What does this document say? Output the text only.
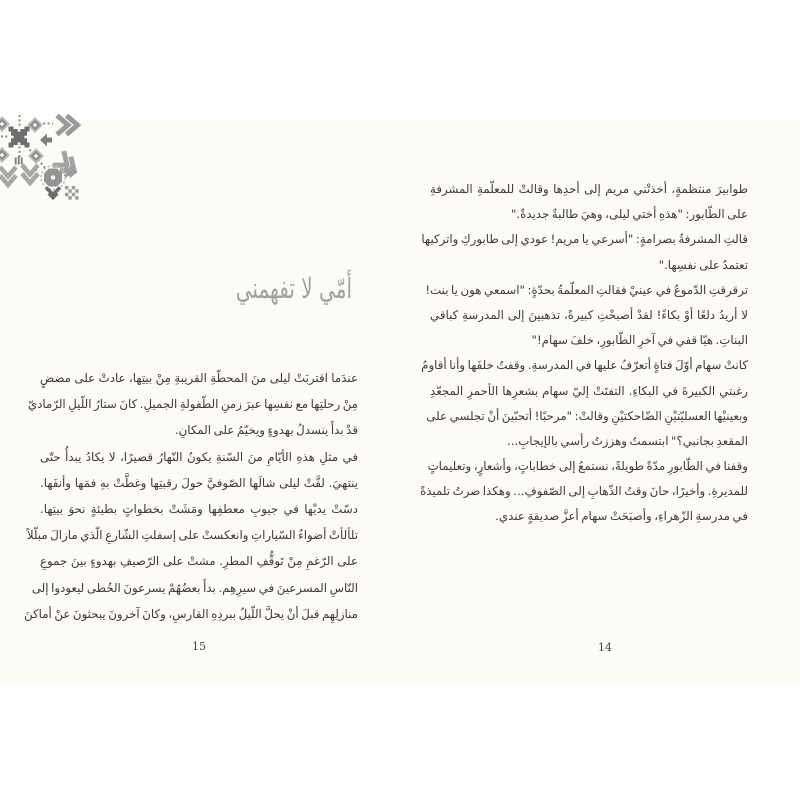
أمّي لا تفهمني
عندَما اقتربَتْ ليلى منَ المحطّةِ القريبةِ مِنْ بيتِها، عادتْ على مضضٍ
مِنْ رحلتِها مع نفسِها عبرَ زمنِ الطّفولةِ الجميلِ. كانَ ستارُ اللّيلِ الرّماديّ
قدْ بدأَ ينسدلُ بهدوءٍ ويخيّمُ على المكانِ.
في مثلِ هذهِ الأيّامِ منَ السّنةِ يكونُ النّهارُ قصيرًا، لا يكادُ يبدأُ حتّى
ينتهيَ. لفَّتْ ليلى شالَها الصّوفيَّ حولَ رقبتِها وغطَّتْ بهِ فمَها وأنفَها.
دسّتْ يديْها في جيوبِ معطفِها ومَشَتْ بخطواتٍ بطيئةٍ نحوَ بيتِها.
تلألأتْ أضواءُ السّياراتِ وانعكستْ على إسفلتِ الشّارعِ الّذي مازالَ مبلّلاً
على الرّغمِ مِنْ تَوقُّفِ المطرِ. مشتْ على الرّصيفِ بهدوءٍ بينَ جموعِ
النّاسِ المسرعينَ في سيرِهِم. بدأَ بعضُهُمْ يسرعونَ الخُطى ليعودوا إلى
منازلِهِم قبلَ أنْ يحلَّ اللّيلُ ببردِهِ القارسِ، وكانَ آخرونَ يبحثونَ عنْ أماكنَ
15
طوابيرَ منتظمةٍ، أخذتْني مريم إلى أحدِها وقالتْ للمعلّمةِ المشرفةِ
على الطّابور: "هذهِ أختي ليلى، وهيَ طالبةٌ جديدةٌ."
قالتِ المشرفةُ بصرامةٍ: "أسرعي يا مريم! عودي إلى طابوركِ واتركيها
تعتمدُ على نفسِها."
ترقرقتِ الدّموعُ في عينيْ فقالتِ المعلّمةُ بحدّةٍ: "اسمعي هون يا بنت!
لا أريدُ دلعًا أوْ بكاءً! لقدْ أصبحْتِ كبيرةً، تذهبينَ إلى المدرسةِ كباقي
البناتِ. هيّا قفي في آخرِ الطّابورِ، خلفَ سهام!"
كانتْ سهام أوّلَ فتاةٍ أتعرّفُ عليها في المدرسةِ. وقفتُ خلفَها وأنا أقاومُ
رغبتي الكبيرةَ في البكاءِ. التفتَتْ إليّ سهام بشعرِها الأحمرِ المجعّدِ
وبعينيْها العسليّتيْنِ الضّاحكتيْنِ وقالتْ: "مرحبًا! أتحبّينَ أنْ تجلسي على
المقعدِ بجانبي؟" ابتسمتُ وهززتُ رأسي بالإيجابِ...
وقفنا في الطّابورِ مدّةً طويلةً، نستمعُ إلى خطاباتٍ، وأشعارٍ، وتعليماتٍ
للمديرةِ. وأخيرًا، حانَ وقتُ الذّهابِ إلى الصّفوفِ... وهكذا صرتُ تلميذةً
في مدرسةِ الزّهراءِ، وأصبَحَتْ سهام أعزَّ صديقةٍ عندي.
14
